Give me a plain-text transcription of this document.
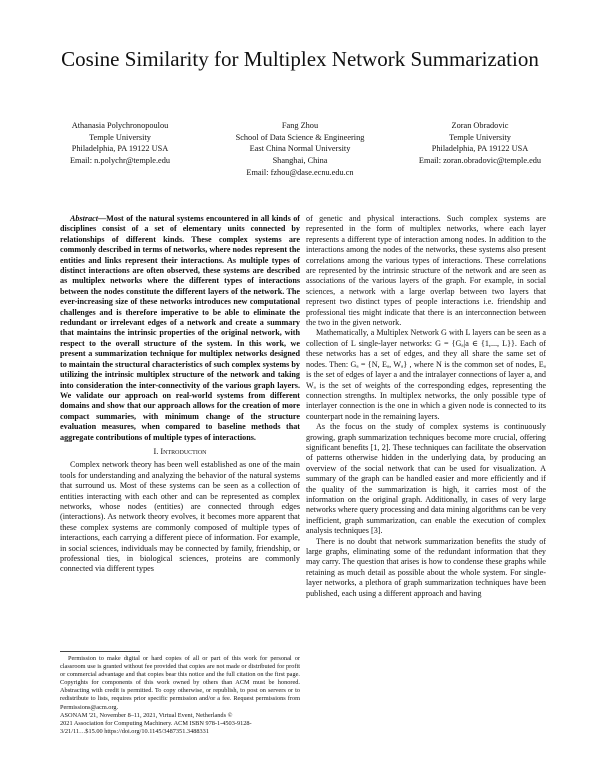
Cosine Similarity for Multiplex Network Summarization
Athanasia Polychronopoulou
Temple University
Philadelphia, PA 19122 USA
Email: n.polychr@temple.edu
Fang Zhou
School of Data Science & Engineering
East China Normal University
Shanghai, China
Zoran Obradovic
Temple University
Philadelphia, PA 19122 USA
Email: zoran.obradovic@temple.edu
Email: fzhou@dase.ecnu.edu.cn

Abstract—Most of the natural systems encountered in all kinds of disciplines consist of a set of elementary units connected by relationships of different kinds. These complex systems are commonly described in terms of networks, where nodes represent the entities and links represent their interactions. As multiple types of distinct interactions are often observed, these systems are described as multiplex networks where the different types of interactions between the nodes constitute the different layers of the network. The ever-increasing size of these networks introduces new computational challenges and is therefore imperative to be able to eliminate the redundant or irrelevant edges of a network and create a summary that maintains the intrinsic properties of the original network, with respect to the overall structure of the system. In this work, we present a summarization technique for multiplex networks designed to maintain the structural characteristics of such complex systems by utilizing the intrinsic multiplex structure of the network and taking into consideration the inter-connectivity of the various graph layers. We validate our approach on real-world systems from different domains and show that our approach allows for the creation of more compact summaries, with minimum change of the structure evaluation measures, when compared to baseline methods that aggregate contributions of multiple types of interactions.

I. Introduction

Complex network theory has been well established as one of the main tools for understanding and analyzing the behavior of the natural systems that surround us. Most of these systems can be seen as a collection of entities interacting with each other and can be represented as complex networks, whose nodes (entities) are connected through edges (interactions). As network theory evolves, it becomes more apparent that these complex systems are commonly composed of multiple types of interactions, each carrying a different piece of information. For example, in social sciences, individuals may be connected by family, friendship, or professional ties, in biological sciences, proteins are commonly connected via different types

Permission to make digital or hard copies of all or part of this work for personal or classroom use is granted without fee provided that copies are not made or distributed for profit or commercial advantage and that copies bear this notice and the full citation on the first page. Copyrights for components of this work owned by others than ACM must be honored. Abstracting with credit is permitted. To copy otherwise, or republish, to post on servers or to redistribute to lists, requires prior specific permission and/or a fee. Request permissions from Permissions@acm.org.

ASONAM '21, November 8–11, 2021, Virtual Event, Netherlands ©
2021 Association for Computing Machinery. ACM ISBN 978-1-4503-9128-
3/21/11…$15.00 https://doi.org/10.1145/3487351.3488331

of genetic and physical interactions. Such complex systems are represented in the form of multiplex networks, where each layer represents a different type of interaction among nodes. In addition to the interactions among the nodes of the networks, these systems also present correlations among the various types of interactions. These correlations are represented by the intrinsic structure of the network and are seen as associations of the various layers of the graph. For example, in social sciences, a network with a large overlap between two layers that represent two distinct types of people interactions i.e. friendship and professional ties might indicate that there is an interconnection between the two in the given network.

Mathematically, a Multiplex Network G with L layers can be seen as a collection of L single-layer networks: G = {Gₐ|a ∈ {1,..., L}}. Each of these networks has a set of edges, and they all share the same set of nodes. Then: Gₐ = {N, Eₐ, Wₐ} , where N is the common set of nodes, Eₐ is the set of edges of layer a and the intralayer connections of layer a, and Wₐ is the set of weights of the corresponding edges, representing the connection strengths. In multiplex networks, the only possible type of interlayer connection is the one in which a given node is connected to its counterpart node in the remaining layers.

As the focus on the study of complex systems is continuously growing, graph summarization techniques become more crucial, offering significant benefits [1, 2]. These techniques can facilitate the observation of patterns otherwise hidden in the underlying data, by producing an overview of the social network that can be used for visualization. A summary of the graph can be handled easier and more efficiently and if the quality of the summarization is high, it carries most of the information on the original graph. Additionally, in cases of very large networks where query processing and data mining algorithms can be very inefficient, graph summarization, can enable the execution of complex analysis techniques [3].

There is no doubt that network summarization benefits the study of large graphs, eliminating some of the redundant information that they may carry. The question that arises is how to condense these graphs while retaining as much detail as possible about the whole system. For single-layer networks, a plethora of graph summarization techniques have been published, each using a different approach and having
